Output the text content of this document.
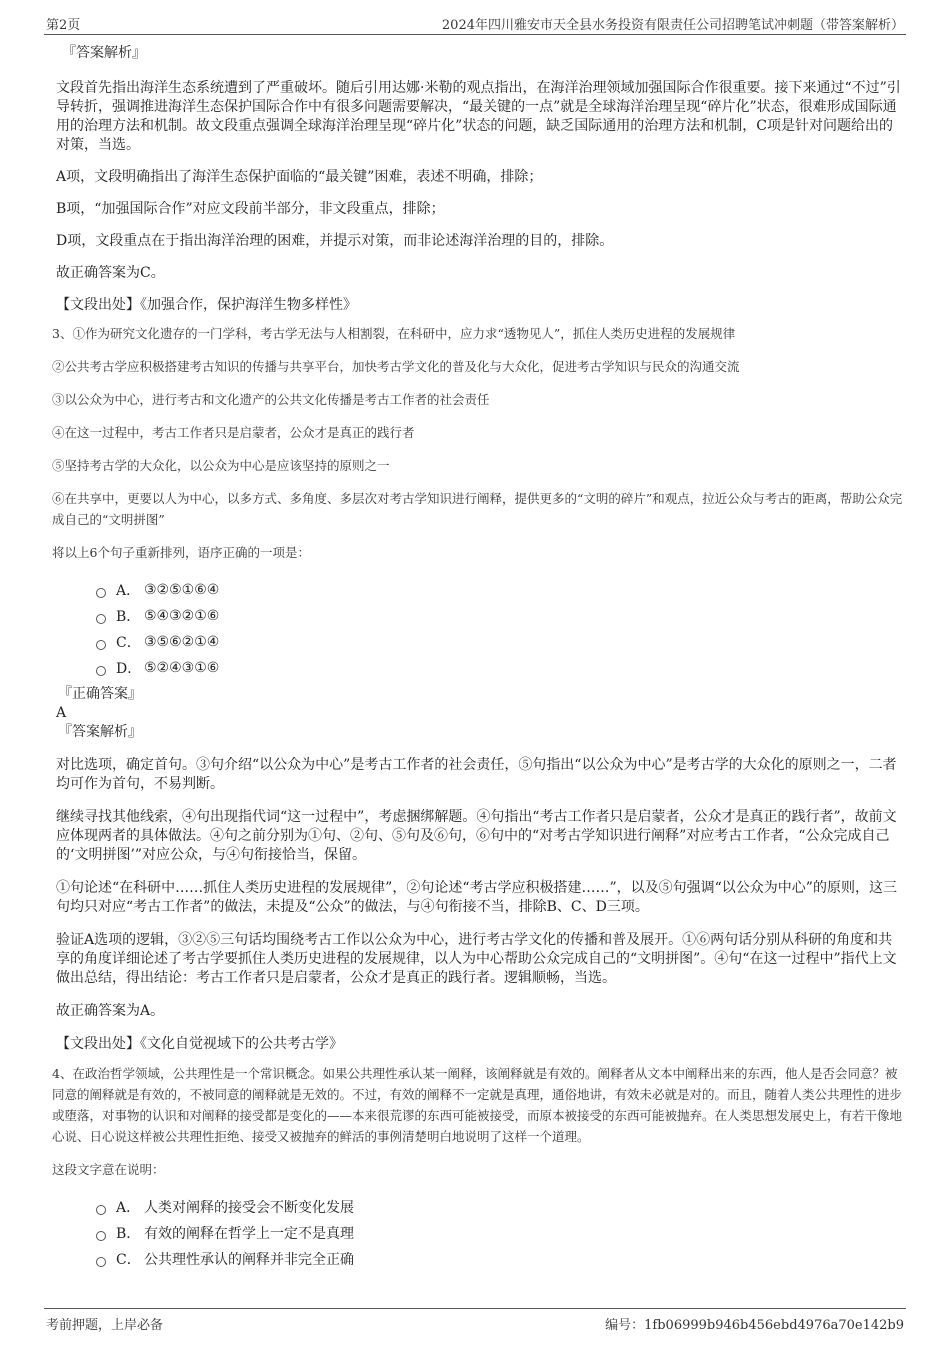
第2页	2024年四川雅安市天全县水务投资有限责任公司招聘笔试冲刺题（带答案解析）

『答案解析』

文段首先指出海洋生态系统遭到了严重破坏。随后引用达娜·米勒的观点指出，在海洋治理领域加强国际合作很重要。接下来通过“不过”引导转折，强调推进海洋生态保护国际合作中有很多问题需要解决，“最关键的一点”就是全球海洋治理呈现“碎片化”状态，很难形成国际通用的治理方法和机制。故文段重点强调全球海洋治理呈现“碎片化”状态的问题，缺乏国际通用的治理方法和机制，C项是针对问题给出的对策，当选。

A项，文段明确指出了海洋生态保护面临的“最关键”困难，表述不明确，排除；

B项，“加强国际合作”对应文段前半部分，非文段重点，排除；

D项，文段重点在于指出海洋治理的困难，并提示对策，而非论述海洋治理的目的，排除。

故正确答案为C。

【文段出处】《加强合作，保护海洋生物多样性》

3、①作为研究文化遗存的一门学科，考古学无法与人相割裂，在科研中，应力求“透物见人”，抓住人类历史进程的发展规律

②公共考古学应积极搭建考古知识的传播与共享平台，加快考古学文化的普及化与大众化，促进考古学知识与民众的沟通交流

③以公众为中心，进行考古和文化遗产的公共文化传播是考古工作者的社会责任

④在这一过程中，考古工作者只是启蒙者，公众才是真正的践行者

⑤坚持考古学的大众化，以公众为中心是应该坚持的原则之一

⑥在共享中，更要以人为中心，以多方式、多角度、多层次对考古学知识进行阐释，提供更多的“文明的碎片”和观点，拉近公众与考古的距离，帮助公众完成自己的“文明拼图”

将以上6个句子重新排列，语序正确的一项是：

A． ③②⑤①⑥④
B． ⑤④③②①⑥
C． ③⑤⑥②①④
D． ⑤②④③①⑥

『正确答案』

A

『答案解析』

对比选项，确定首句。③句介绍“以公众为中心”是考古工作者的社会责任，⑤句指出“以公众为中心”是考古学的大众化的原则之一，二者均可作为首句，不易判断。

继续寻找其他线索，④句出现指代词“这一过程中”，考虑捆绑解题。④句指出“考古工作者只是启蒙者，公众才是真正的践行者”，故前文应体现两者的具体做法。④句之前分别为①句、②句、⑤句及⑥句，⑥句中的“对考古学知识进行阐释”对应考古工作者，“公众完成自己的‘文明拼图’”对应公众，与④句衔接恰当，保留。

①句论述“在科研中……抓住人类历史进程的发展规律”，②句论述“考古学应积极搭建……”，以及⑤句强调“以公众为中心”的原则，这三句均只对应“考古工作者”的做法，未提及“公众”的做法，与④句衔接不当，排除B、C、D三项。

验证A选项的逻辑，③②⑤三句话均围绕考古工作以公众为中心，进行考古学文化的传播和普及展开。①⑥两句话分别从科研的角度和共享的角度详细论述了考古学要抓住人类历史进程的发展规律，以人为中心帮助公众完成自己的“文明拼图”。④句“在这一过程中”指代上文做出总结，得出结论：考古工作者只是启蒙者，公众才是真正的践行者。逻辑顺畅，当选。

故正确答案为A。

【文段出处】《文化自觉视域下的公共考古学》

4、在政治哲学领域，公共理性是一个常识概念。如果公共理性承认某一阐释，该阐释就是有效的。阐释者从文本中阐释出来的东西，他人是否会同意？被同意的阐释就是有效的，不被同意的阐释就是无效的。不过，有效的阐释不一定就是真理，通俗地讲，有效未必就是对的。而且，随着人类公共理性的进步或堕落，对事物的认识和对阐释的接受都是变化的——本来很荒谬的东西可能被接受，而原本被接受的东西可能被抛弃。在人类思想发展史上，有若干像地心说、日心说这样被公共理性拒绝、接受又被抛弃的鲜活的事例清楚明白地说明了这样一个道理。

这段文字意在说明：

A． 人类对阐释的接受会不断变化发展
B． 有效的阐释在哲学上一定不是真理
C． 公共理性承认的阐释并非完全正确
考前押题，上岸必备	编号：1fb06999b946b456ebd4976a70e142b9
